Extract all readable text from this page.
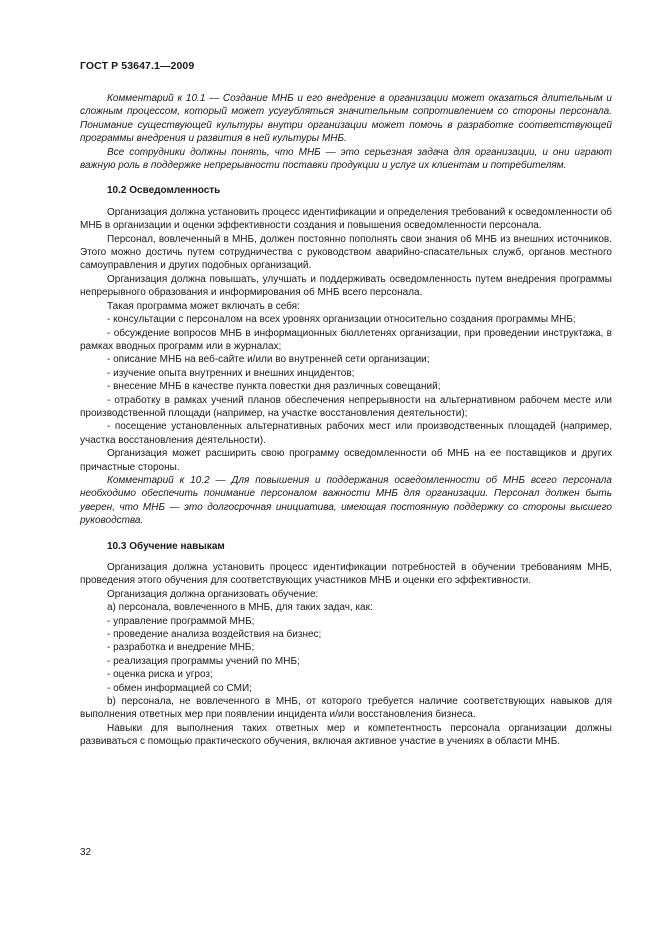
ГОСТ Р 53647.1—2009

Комментарий к 10.1 — Создание МНБ и его внедрение в организации может оказаться длительным и сложным процессом, который может усугубляться значительным сопротивлением со стороны персонала. Понимание существующей культуры внутри организации может помочь в разработке соответствующей программы внедрения и развития в ней культуры МНБ.

Все сотрудники должны понять, что МНБ — это серьезная задача для организации, и они играют важную роль в поддержке непрерывности поставки продукции и услуг их клиентам и потребителям.

10.2 Осведомленность

Организация должна установить процесс идентификации и определения требований к осведомленности об МНБ в организации и оценки эффективности создания и повышения осведомленности персонала.

Персонал, вовлеченный в МНБ, должен постоянно пополнять свои знания об МНБ из внешних источников. Этого можно достичь путем сотрудничества с руководством аварийно-спасательных служб, органов местного самоуправления и других подобных организаций.

Организация должна повышать, улучшать и поддерживать осведомленность путем внедрения программы непрерывного образования и информирования об МНБ всего персонала.

Такая программа может включать в себя:

- консультации с персоналом на всех уровнях организации относительно создания программы МНБ;

- обсуждение вопросов МНБ в информационных бюллетенях организации, при проведении инструктажа, в рамках вводных программ или в журналах;

- описание МНБ на веб-сайте и/или во внутренней сети организации;

- изучение опыта внутренних и внешних инцидентов;

- внесение МНБ в качестве пункта повестки дня различных совещаний;

- отработку в рамках учений планов обеспечения непрерывности на альтернативном рабочем месте или производственной площади (например, на участке восстановления деятельности);

- посещение установленных альтернативных рабочих мест или производственных площадей (например, участка восстановления деятельности).

Организация может расширить свою программу осведомленности об МНБ на ее поставщиков и других причастные стороны.

Комментарий к 10.2 — Для повышения и поддержания осведомленности об МНБ всего персонала необходимо обеспечить понимание персоналом важности МНБ для организации. Персонал должен быть уверен, что МНБ — это долгосрочная инициатива, имеющая постоянную поддержку со стороны высшего руководства.

10.3 Обучение навыкам

Организация должна установить процесс идентификации потребностей в обучении требованиям МНБ, проведения этого обучения для соответствующих участников МНБ и оценки его эффективности.

Организация должна организовать обучение:

а) персонала, вовлеченного в МНБ, для таких задач, как:

- управление программой МНБ;

- проведение анализа воздействия на бизнес;

- разработка и внедрение МНБ;

- реализация программы учений по МНБ;

- оценка риска и угроз;

- обмен информацией со СМИ;

b) персонала, не вовлеченного в МНБ, от которого требуется наличие соответствующих навыков для выполнения ответных мер при появлении инцидента и/или восстановления бизнеса.

Навыки для выполнения таких ответных мер и компетентность персонала организации должны развиваться с помощью практического обучения, включая активное участие в учениях в области МНБ.

32
